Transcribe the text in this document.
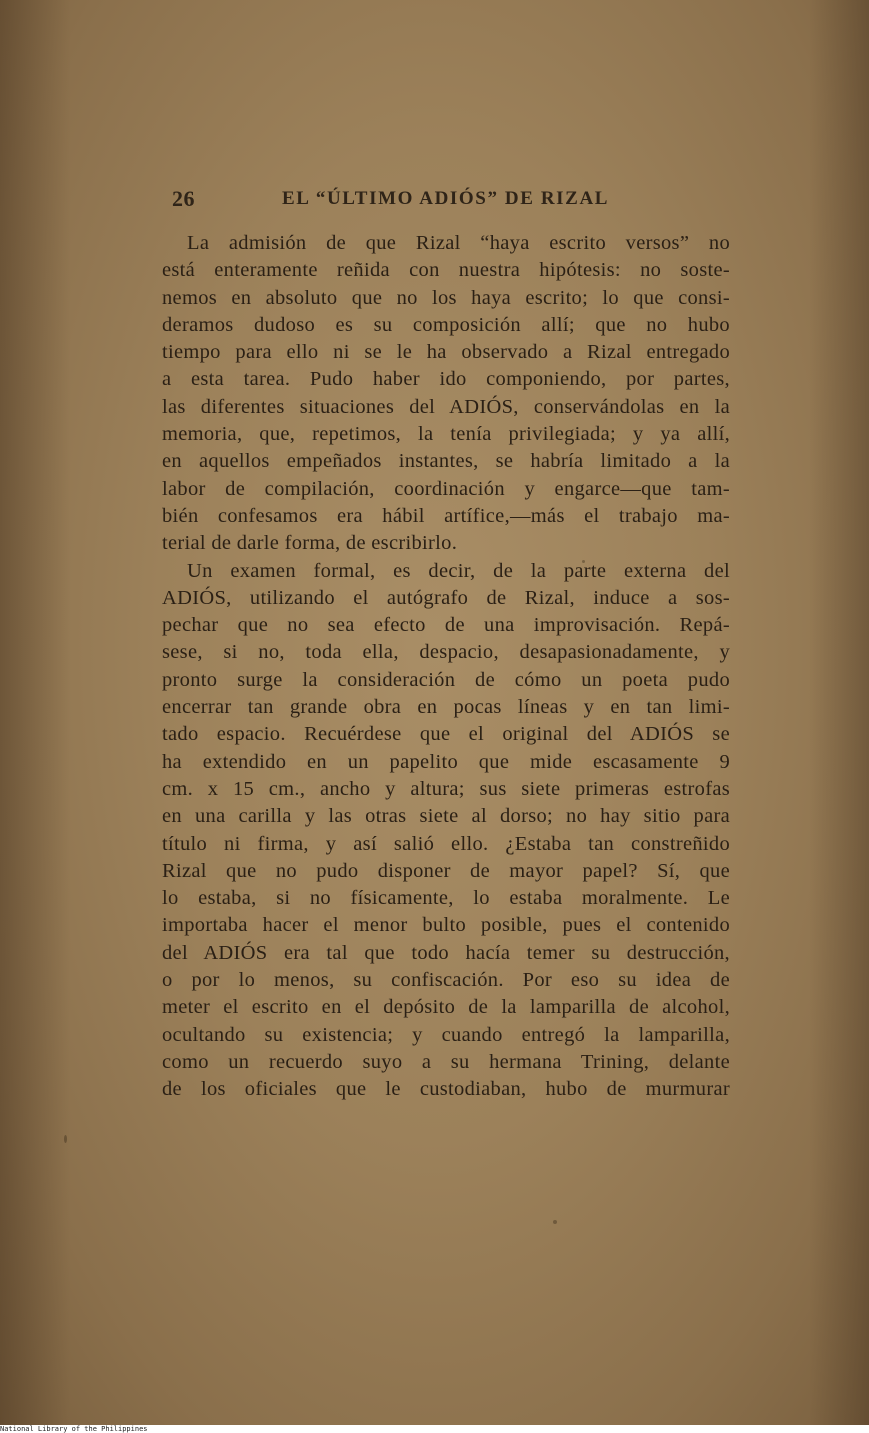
26	EL “ÚLTIMO ADIÓS” DE RIZAL
La admisión de que Rizal “haya escrito versos” no
está enteramente reñida con nuestra hipótesis: no soste-
nemos en absoluto que no los haya escrito; lo que consi-
deramos dudoso es su composición allí; que no hubo
tiempo para ello ni se le ha observado a Rizal entregado
a esta tarea. Pudo haber ido componiendo, por partes,
las diferentes situaciones del ADIÓS, conservándolas en la
memoria, que, repetimos, la tenía privilegiada; y ya allí,
en aquellos empeñados instantes, se habría limitado a la
labor de compilación, coordinación y engarce—que tam-
bién confesamos era hábil artífice,—más el trabajo ma-
terial de darle forma, de escribirlo.
Un examen formal, es decir, de la parte externa del
ADIÓS, utilizando el autógrafo de Rizal, induce a sos-
pechar que no sea efecto de una improvisación. Repá-
sese, si no, toda ella, despacio, desapasionadamente, y
pronto surge la consideración de cómo un poeta pudo
encerrar tan grande obra en pocas líneas y en tan limi-
tado espacio. Recuérdese que el original del ADIÓS se
ha extendido en un papelito que mide escasamente 9
cm. x 15 cm., ancho y altura; sus siete primeras estrofas
en una carilla y las otras siete al dorso; no hay sitio para
título ni firma, y así salió ello. ¿Estaba tan constreñido
Rizal que no pudo disponer de mayor papel? Sí, que
lo estaba, si no físicamente, lo estaba moralmente. Le
importaba hacer el menor bulto posible, pues el contenido
del ADIÓS era tal que todo hacía temer su destrucción,
o por lo menos, su confiscación. Por eso su idea de
meter el escrito en el depósito de la lamparilla de alcohol,
ocultando su existencia; y cuando entregó la lamparilla,
como un recuerdo suyo a su hermana Trining, delante
de los oficiales que le custodiaban, hubo de murmurar
National Library of the Philippines
